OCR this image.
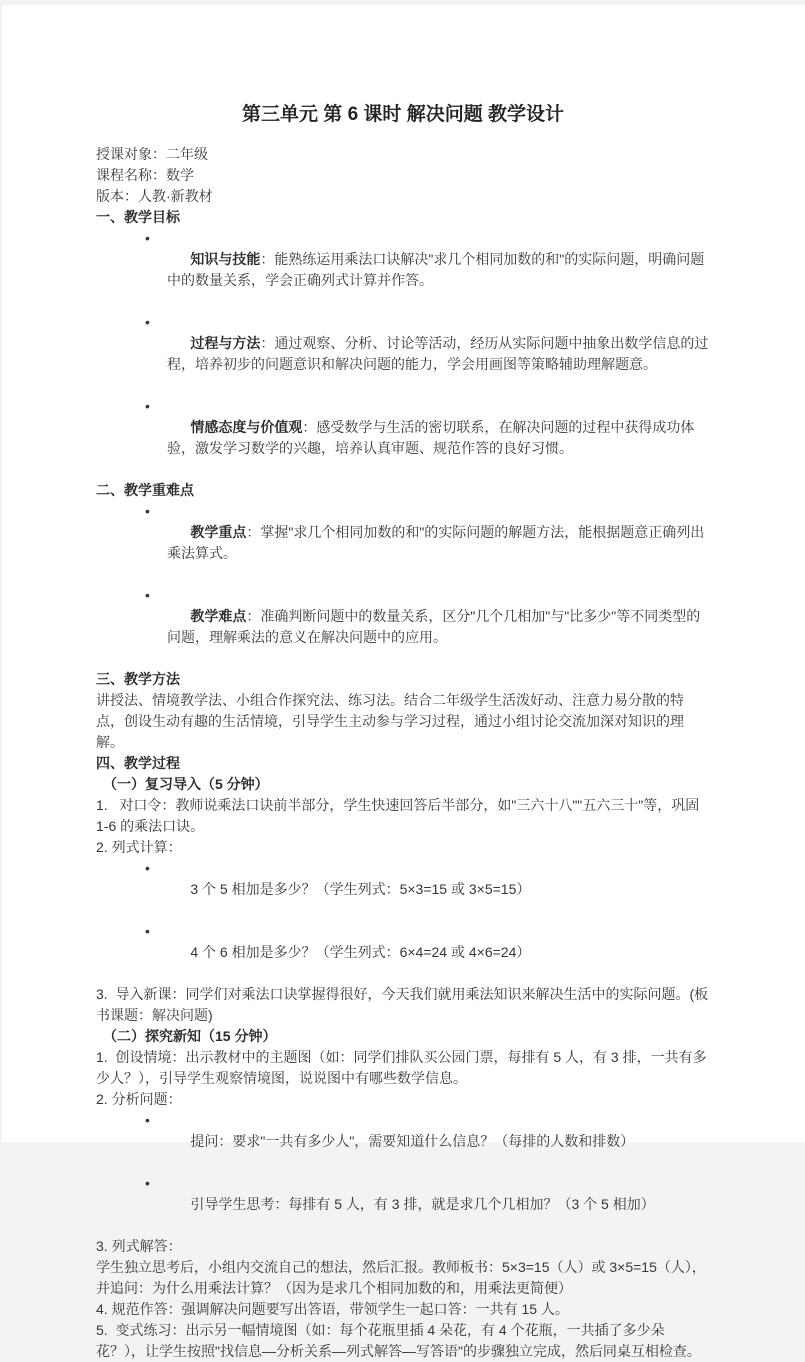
第三单元 第 6 课时 解决问题 教学设计

授课对象：二年级

课程名称：数学

版本：人教·新教材

一、教学目标

•
知识与技能：能熟练运用乘法口诀解决"求几个相同加数的和"的实际问题，明确问题中的数量关系，学会正确列式计算并作答。

•
过程与方法：通过观察、分析、讨论等活动，经历从实际问题中抽象出数学信息的过程，培养初步的问题意识和解决问题的能力，学会用画图等策略辅助理解题意。

•
情感态度与价值观：感受数学与生活的密切联系，在解决问题的过程中获得成功体验，激发学习数学的兴趣，培养认真审题、规范作答的良好习惯。

二、教学重难点

•
教学重点：掌握"求几个相同加数的和"的实际问题的解题方法，能根据题意正确列出乘法算式。

•
教学难点：准确判断问题中的数量关系，区分"几个几相加"与"比多少"等不同类型的问题，理解乘法的意义在解决问题中的应用。

三、教学方法

讲授法、情境教学法、小组合作探究法、练习法。结合二年级学生活泼好动、注意力易分散的特点，创设生动有趣的生活情境，引导学生主动参与学习过程，通过小组讨论交流加深对知识的理解。

四、教学过程

（一）复习导入（5 分钟）

1.   对口令：教师说乘法口诀前半部分，学生快速回答后半部分，如"三六十八""五六三十"等，巩固 1-6 的乘法口诀。

2. 列式计算：

•
3 个 5 相加是多少？（学生列式：5×3=15 或 3×5=15）

•
4 个 6 相加是多少？（学生列式：6×4=24 或 4×6=24）

3.  导入新课：同学们对乘法口诀掌握得很好，今天我们就用乘法知识来解决生活中的实际问题。(板书课题：解决问题)

（二）探究新知（15 分钟）

1.  创设情境：出示教材中的主题图（如：同学们排队买公园门票，每排有 5 人，有 3 排，一共有多少人？），引导学生观察情境图，说说图中有哪些数学信息。

2. 分析问题：

•
提问：要求"一共有多少人"，需要知道什么信息？（每排的人数和排数）

•
引导学生思考：每排有 5 人，有 3 排，就是求几个几相加？（3 个 5 相加）

3. 列式解答：

学生独立思考后，小组内交流自己的想法，然后汇报。教师板书：5×3=15（人）或 3×5=15（人），并追问：为什么用乘法计算？（因为是求几个相同加数的和，用乘法更简便）

4. 规范作答：强调解决问题要写出答语，带领学生一起口答：一共有 15 人。

5.  变式练习：出示另一幅情境图（如：每个花瓶里插 4 朵花，有 4 个花瓶，一共插了多少朵花？），让学生按照"找信息—分析关系—列式解答—写答语"的步骤独立完成，然后同桌互相检查。
